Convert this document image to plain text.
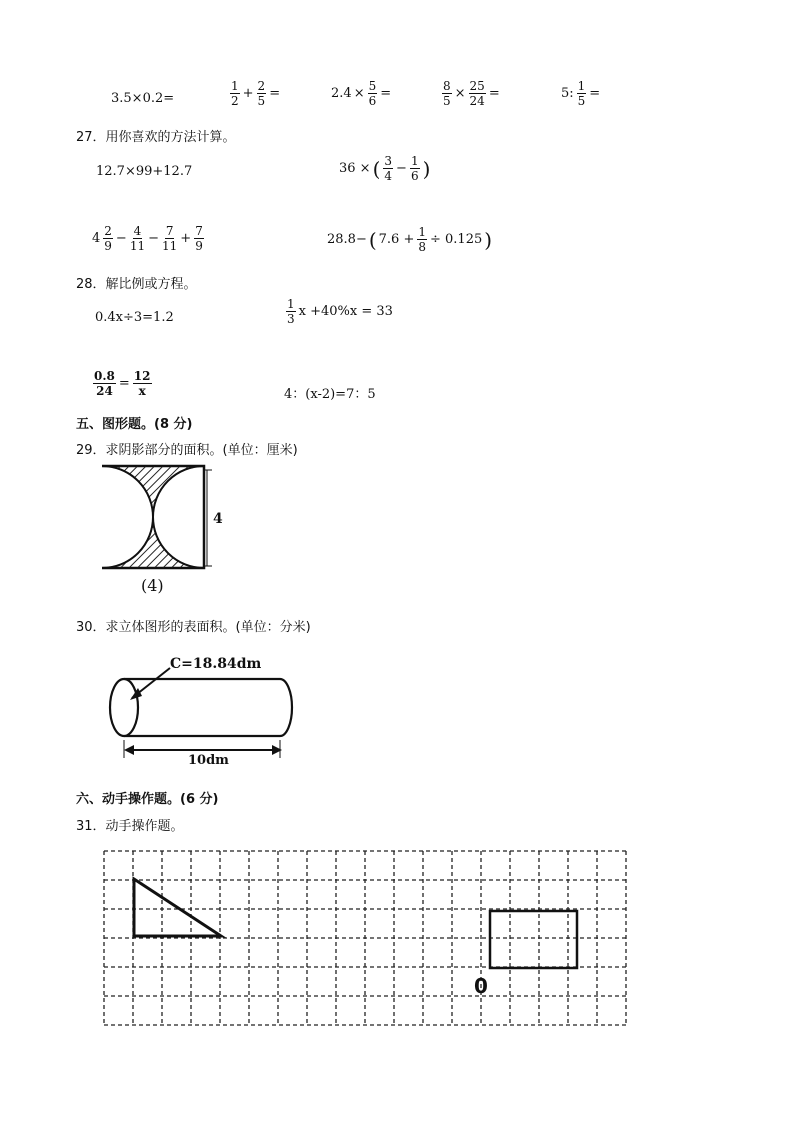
3.5×0.2=	$\frac{1}{2} + \frac{2}{5}$ =	$2.4 \times \frac{5}{6}$ =	$\frac{8}{5} \times \frac{25}{24}$ =	5: $\frac{1}{5}$ =
27．用你喜欢的方法计算。
12.7×99+12.7	36 × ( $\frac{3}{4} - \frac{1}{6}$ )
$4 \frac{2}{9} - \frac{4}{11} - \frac{7}{11} + \frac{7}{9}$	28.8− ( $7.6 + \frac{1}{8} \div 0.125$ )
28．解比例或方程。
0.4x÷3=1.2	$\frac{1}{3}$ x +40%x = 33
$\frac{0.8}{24} = \frac{12}{x}$	4：(x-2)=7：5
五、图形题。(8 分)
29．求阴影部分的面积。(单位：厘米)
4
(4)
30．求立体图形的表面积。(单位：分米)
C=18.84dm
10dm
六、动手操作题。(6 分)
31．动手操作题。
0
